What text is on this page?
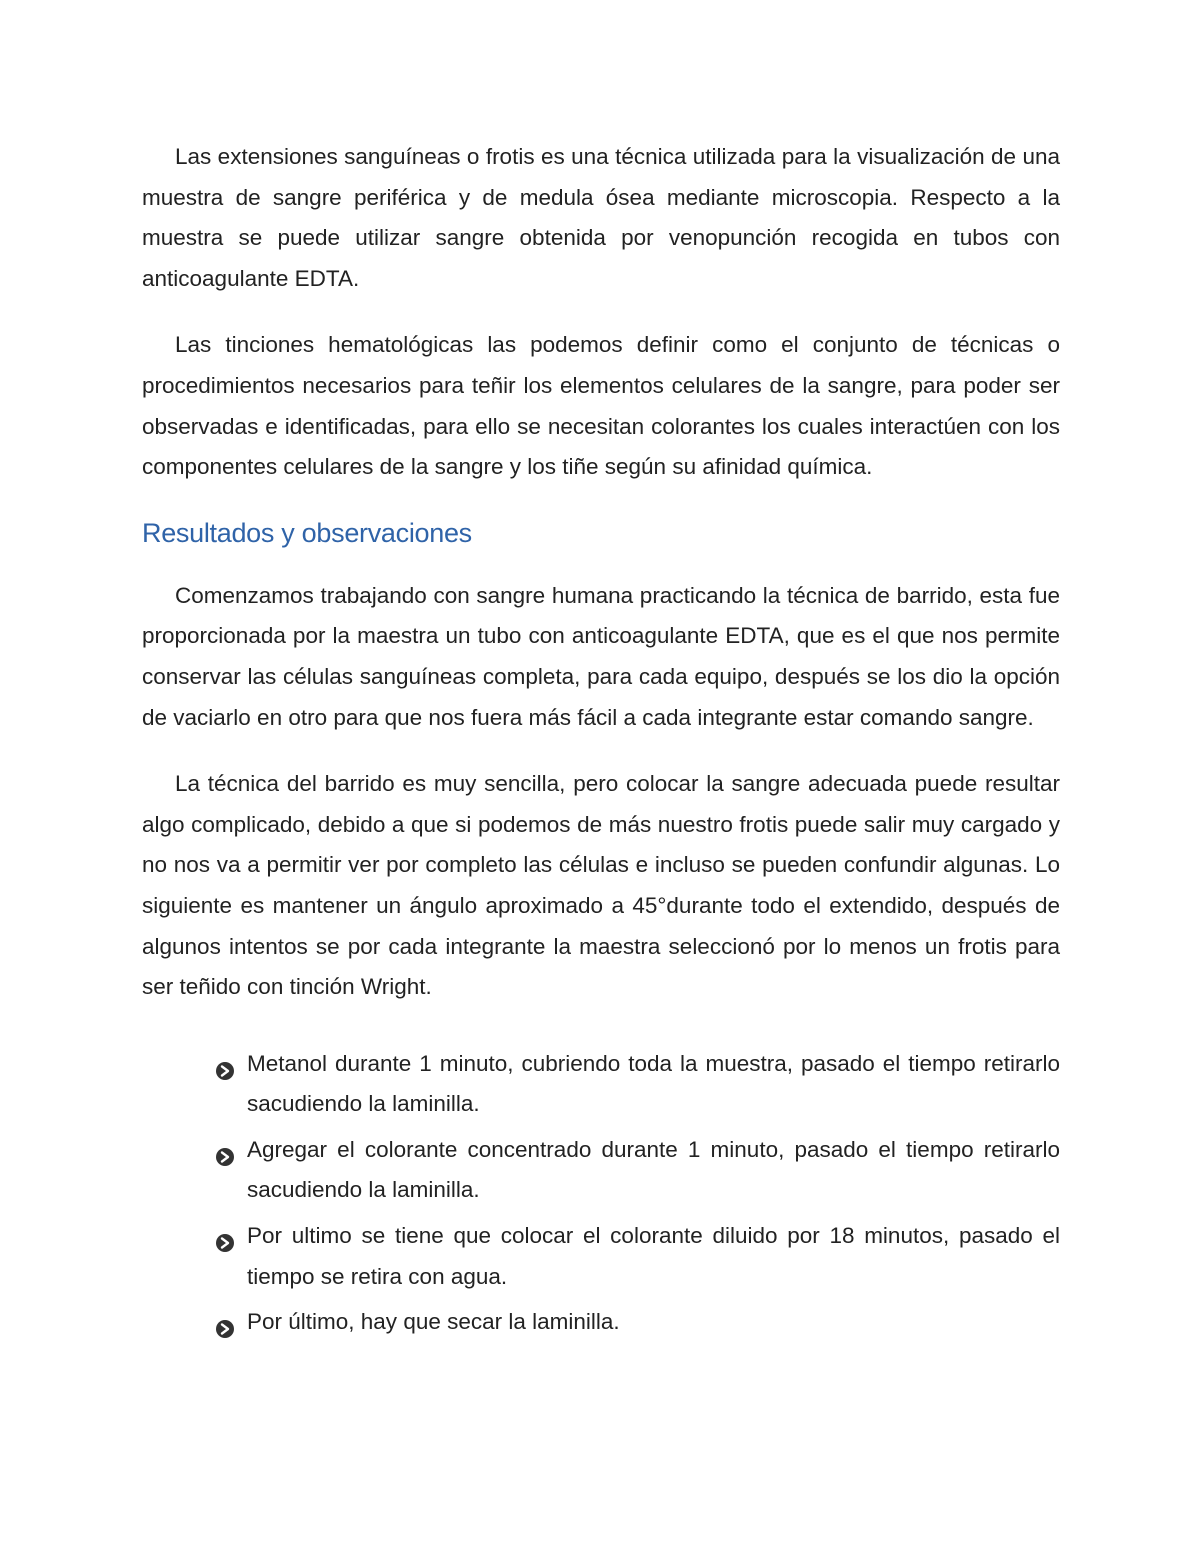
Las extensiones sanguíneas o frotis es una técnica utilizada para la visualización de una muestra de sangre periférica y de medula ósea mediante microscopia. Respecto a la muestra se puede utilizar sangre obtenida por venopunción recogida en tubos con anticoagulante EDTA.

Las tinciones hematológicas las podemos definir como el conjunto de técnicas o procedimientos necesarios para teñir los elementos celulares de la sangre, para poder ser observadas e identificadas, para ello se necesitan colorantes los cuales interactúen con los componentes celulares de la sangre y los tiñe según su afinidad química.

Resultados y observaciones

Comenzamos trabajando con sangre humana practicando la técnica de barrido, esta fue proporcionada por la maestra un tubo con anticoagulante EDTA, que es el que nos permite conservar las células sanguíneas completa, para cada equipo, después se los dio la opción de vaciarlo en otro para que nos fuera más fácil a cada integrante estar comando sangre.

La técnica del barrido es muy sencilla, pero colocar la sangre adecuada puede resultar algo complicado, debido a que si podemos de más nuestro frotis puede salir muy cargado y no nos va a permitir ver por completo las células e incluso se pueden confundir algunas. Lo siguiente es mantener un ángulo aproximado a 45°durante todo el extendido, después de algunos intentos se por cada integrante la maestra seleccionó por lo menos un frotis para ser teñido con tinción Wright.

Metanol durante 1 minuto, cubriendo toda la muestra, pasado el tiempo retirarlo sacudiendo la laminilla.
Agregar el colorante concentrado durante 1 minuto, pasado el tiempo retirarlo sacudiendo la laminilla.
Por ultimo se tiene que colocar el colorante diluido por 18 minutos, pasado el tiempo se retira con agua.
Por último, hay que secar la laminilla.
